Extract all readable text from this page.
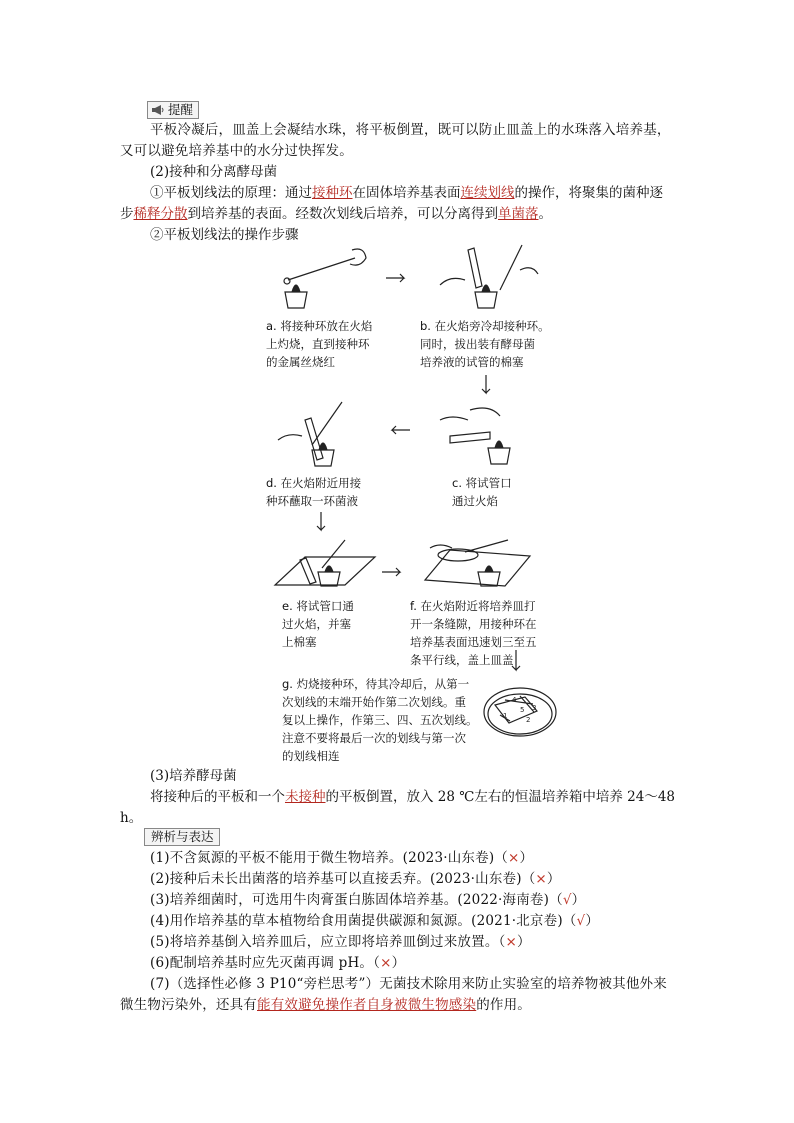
提醒
平板冷凝后，皿盖上会凝结水珠，将平板倒置，既可以防止皿盖上的水珠落入培养基，
又可以避免培养基中的水分过快挥发。
(2)接种和分离酵母菌
①平板划线法的原理：通过接种环在固体培养基表面连续划线的操作，将聚集的菌种逐
步稀释分散到培养基的表面。经数次划线后培养，可以分离得到单菌落。
②平板划线法的操作步骤
1	2
3
4
5
a. 将接种环放在火焰
上灼烧，直到接种环
的金属丝烧红
b. 在火焰旁冷却接种环。
同时，拔出装有酵母菌
培养液的试管的棉塞
d. 在火焰附近用接
种环蘸取一环菌液
c. 将试管口
通过火焰
e. 将试管口通
过火焰，并塞
上棉塞
f. 在火焰附近将培养皿打
开一条缝隙，用接种环在
培养基表面迅速划三至五
条平行线，盖上皿盖
g. 灼烧接种环，待其冷却后，从第一
次划线的末端开始作第二次划线。重
复以上操作，作第三、四、五次划线。
注意不要将最后一次的划线与第一次
的划线相连
(3)培养酵母菌
将接种后的平板和一个未接种的平板倒置，放入 28 ℃左右的恒温培养箱中培养 24～48
h。
辨析与表达
(1)不含氮源的平板不能用于微生物培养。(2023·山东卷)（×）
(2)接种后未长出菌落的培养基可以直接丢弃。(2023·山东卷)（×）
(3)培养细菌时，可选用牛肉膏蛋白胨固体培养基。(2022·海南卷)（√）
(4)用作培养基的草本植物给食用菌提供碳源和氮源。(2021·北京卷)（√）
(5)将培养基倒入培养皿后，应立即将培养皿倒过来放置。（×）
(6)配制培养基时应先灭菌再调 pH。（×）
(7)（选择性必修 3 P10“旁栏思考”）无菌技术除用来防止实验室的培养物被其他外来
微生物污染外，还具有能有效避免操作者自身被微生物感染的作用。
